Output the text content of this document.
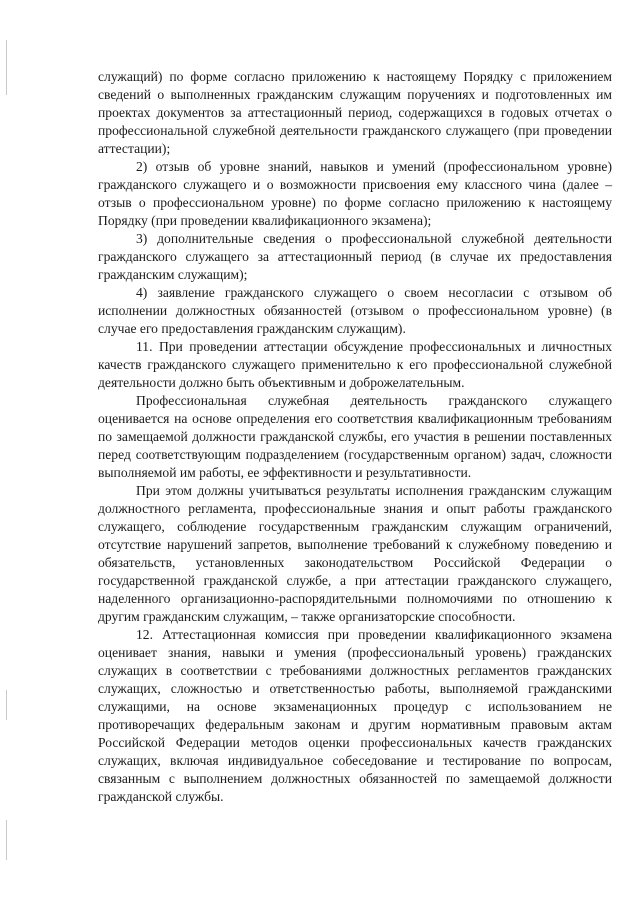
служащий) по форме согласно приложению к настоящему Порядку с приложением сведений о выполненных гражданским служащим поручениях и подготовленных им проектах документов за аттестационный период, содержащихся в годовых отчетах о профессиональной служебной деятельности гражданского служащего (при проведении аттестации);

2) отзыв об уровне знаний, навыков и умений (профессиональном уровне) гражданского служащего и о возможности присвоения ему классного чина (далее – отзыв о профессиональном уровне) по форме согласно приложению к настоящему Порядку (при проведении квалификационного экзамена);

3) дополнительные сведения о профессиональной служебной деятельности гражданского служащего за аттестационный период (в случае их предоставления гражданским служащим);

4) заявление гражданского служащего о своем несогласии с отзывом об исполнении должностных обязанностей (отзывом о профессиональном уровне) (в случае его предоставления гражданским служащим).

11. При проведении аттестации обсуждение профессиональных и личностных качеств гражданского служащего применительно к его профессиональной служебной деятельности должно быть объективным и доброжелательным.

Профессиональная служебная деятельность гражданского служащего оценивается на основе определения его соответствия квалификационным требованиям по замещаемой должности гражданской службы, его участия в решении поставленных перед соответствующим подразделением (государственным органом) задач, сложности выполняемой им работы, ее эффективности и результативности.

При этом должны учитываться результаты исполнения гражданским служащим должностного регламента, профессиональные знания и опыт работы гражданского служащего, соблюдение государственным гражданским служащим ограничений, отсутствие нарушений запретов, выполнение требований к служебному поведению и обязательств, установленных законодательством Российской Федерации о государственной гражданской службе, а при аттестации гражданского служащего, наделенного организационно-распорядительными полномочиями по отношению к другим гражданским служащим, – также организаторские способности.

12. Аттестационная комиссия при проведении квалификационного экзамена оценивает знания, навыки и умения (профессиональный уровень) гражданских служащих в соответствии с требованиями должностных регламентов гражданских служащих, сложностью и ответственностью работы, выполняемой гражданскими служащими, на основе экзаменационных процедур с использованием не противоречащих федеральным законам и другим нормативным правовым актам Российской Федерации методов оценки профессиональных качеств гражданских служащих, включая индивидуальное собеседование и тестирование по вопросам, связанным с выполнением должностных обязанностей по замещаемой должности гражданской службы.
